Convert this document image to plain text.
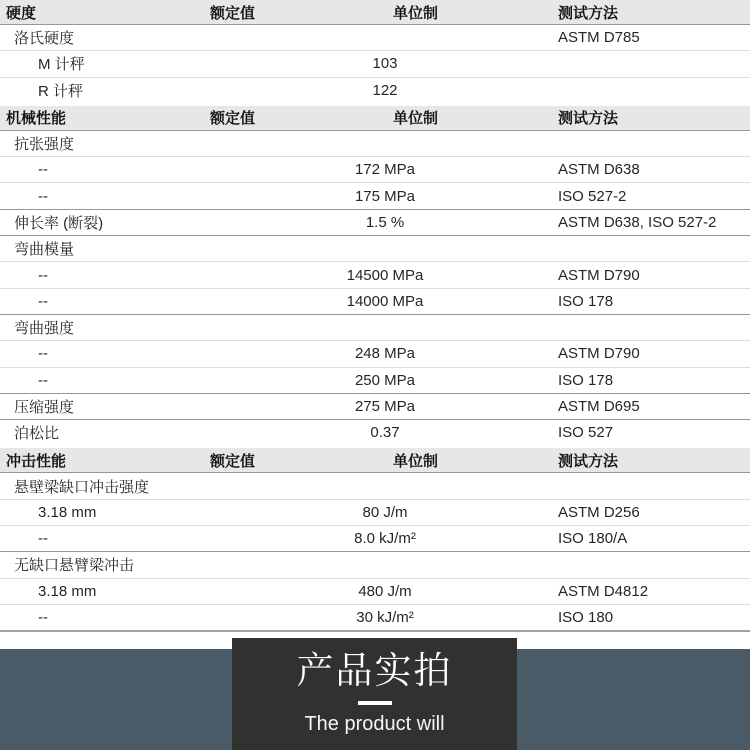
硬度	额定值	单位制	测试方法
洛氏硬度	ASTM D785
M 计秤	103
R 计秤	122
机械性能	额定值	单位制	测试方法
抗张强度
--	172 MPa	ASTM D638
--	175 MPa	ISO 527-2
伸长率 (断裂)	1.5 %	ASTM D638, ISO 527-2
弯曲模量
--	14500 MPa	ASTM D790
--	14000 MPa	ISO 178
弯曲强度
--	248 MPa	ASTM D790
--	250 MPa	ISO 178
压缩强度	275 MPa	ASTM D695
泊松比	0.37	ISO 527
冲击性能	额定值	单位制	测试方法
悬壁梁缺口冲击强度
3.18 mm	80 J/m	ASTM D256
--	8.0 kJ/m²	ISO 180/A
无缺口悬臂梁冲击
3.18 mm	480 J/m	ASTM D4812
--	30 kJ/m²	ISO 180
产品实拍
The product will
